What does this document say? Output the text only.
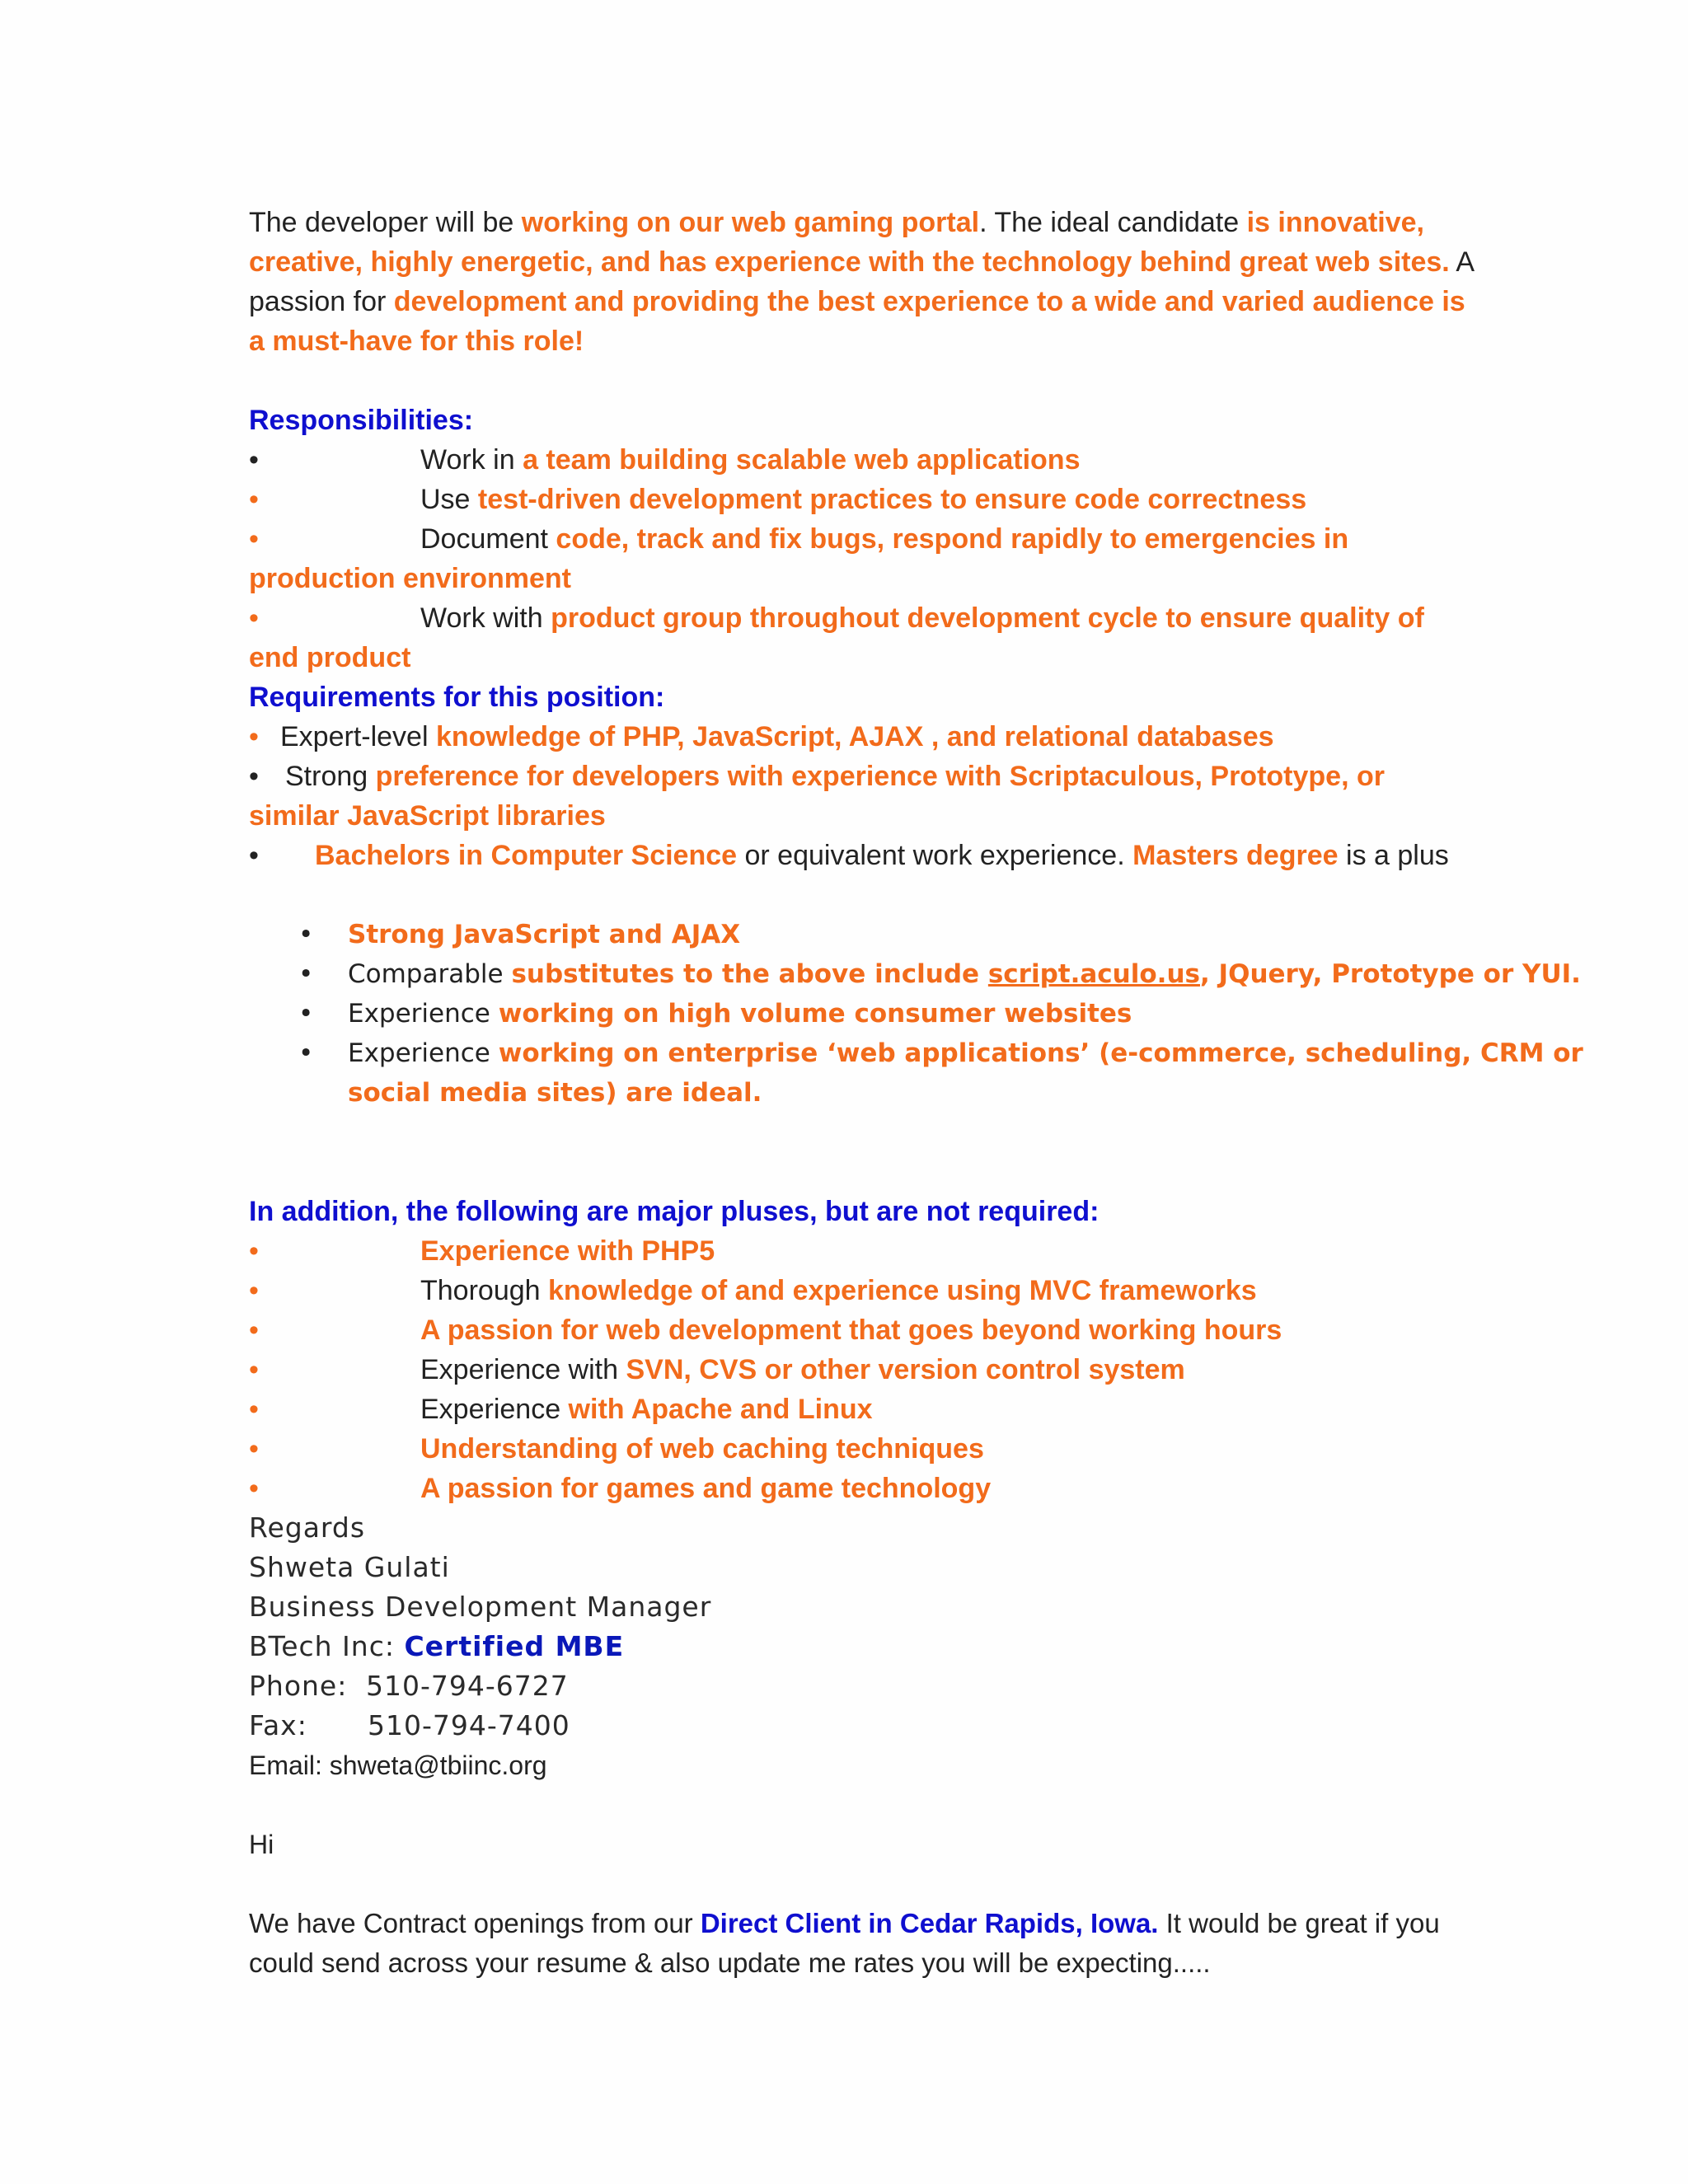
The developer will be working on our web gaming portal. The ideal candidate is innovative,
creative, highly energetic, and has experience with the technology behind great web sites. A
passion for development and providing the best experience to a wide and varied audience is
a must-have for this role!
Responsibilities:
•	Work in a team building scalable web applications
•	Use test-driven development practices to ensure code correctness
•	Document code, track and fix bugs, respond rapidly to emergencies in
production environment
•	Work with product group throughout development cycle to ensure quality of
end product
Requirements for this position:
• Expert-level knowledge of PHP, JavaScript, AJAX , and relational databases
• Strong preference for developers with experience with Scriptaculous, Prototype, or
similar JavaScript libraries
• Bachelors in Computer Science or equivalent work experience. Masters degree is a plus
• Strong JavaScript and AJAX
• Comparable substitutes to the above include script.aculo.us, JQuery, Prototype or YUI.
• Experience working on high volume consumer websites
• Experience working on enterprise ‘web applications’ (e-commerce, scheduling, CRM or
social media sites) are ideal.
In addition, the following are major pluses, but are not required:
•	Experience with PHP5
•	Thorough knowledge of and experience using MVC frameworks
•	A passion for web development that goes beyond working hours
•	Experience with SVN, CVS or other version control system
•	Experience with Apache and Linux
•	Understanding of web caching techniques
•	A passion for games and game technology
Regards
Shweta Gulati
Business Development Manager
BTech Inc: Certified MBE
Phone: 510-794-6727
Fax: 510-794-7400
Email: shweta@tbiinc.org
Hi
We have Contract openings from our Direct Client in Cedar Rapids, Iowa. It would be great if you
could send across your resume & also update me rates you will be expecting.....
